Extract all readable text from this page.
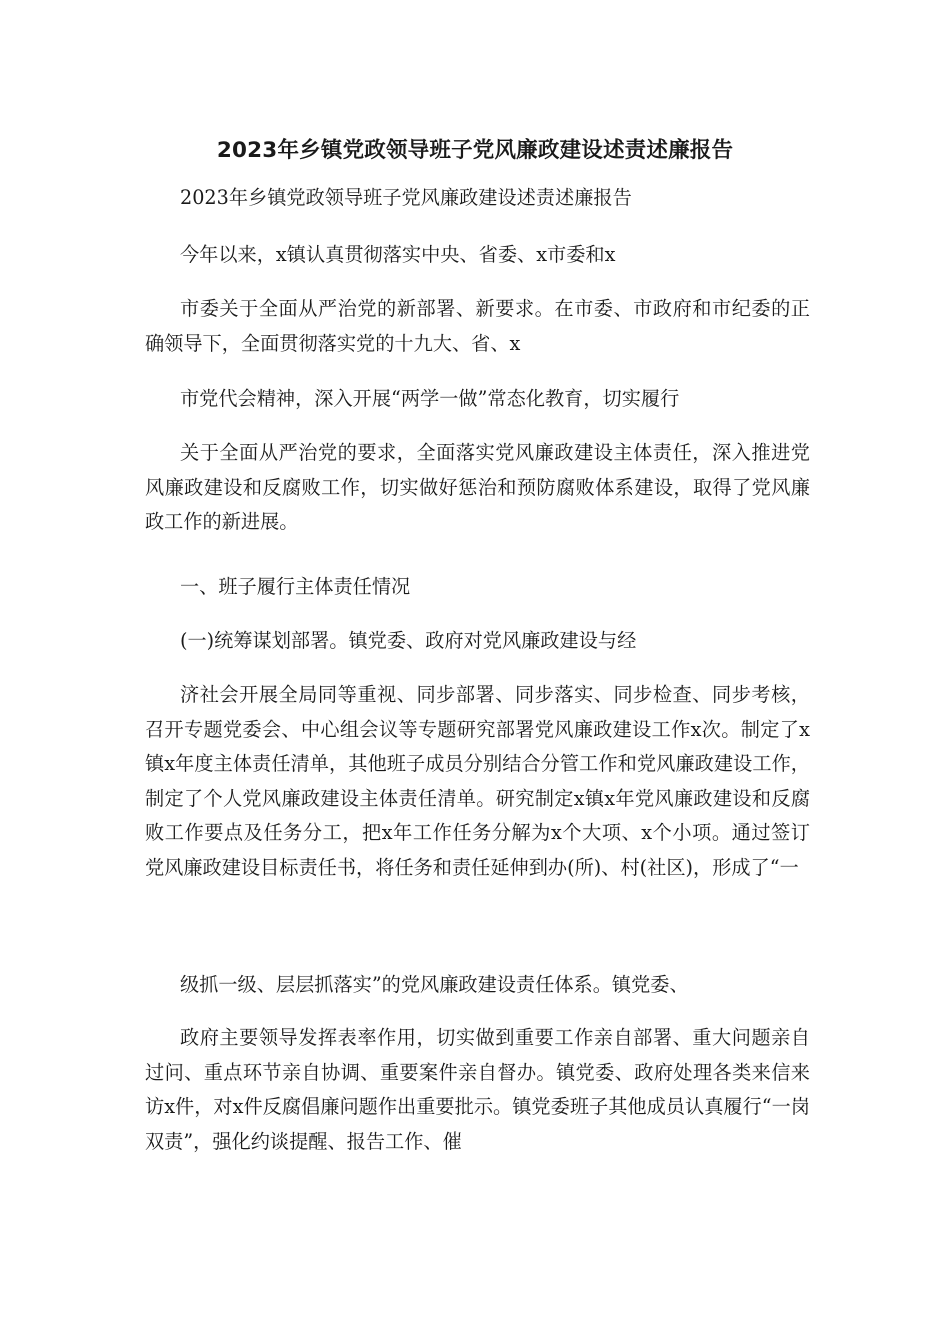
2023年乡镇党政领导班子党风廉政建设述责述廉报告

2023年乡镇党政领导班子党风廉政建设述责述廉报告

今年以来，x镇认真贯彻落实中央、省委、x市委和x

市委关于全面从严治党的新部署、新要求。在市委、市政府和市纪委的正确领导下，全面贯彻落实党的十九大、省、x

市党代会精神，深入开展“两学一做”常态化教育，切实履行

关于全面从严治党的要求，全面落实党风廉政建设主体责任，深入推进党风廉政建设和反腐败工作，切实做好惩治和预防腐败体系建设，取得了党风廉政工作的新进展。

一、班子履行主体责任情况

(一)统筹谋划部署。镇党委、政府对党风廉政建设与经

济社会开展全局同等重视、同步部署、同步落实、同步检查、同步考核，召开专题党委会、中心组会议等专题研究部署党风廉政建设工作x次。制定了x镇x年度主体责任清单，其他班子成员分别结合分管工作和党风廉政建设工作，制定了个人党风廉政建设主体责任清单。研究制定x镇x年党风廉政建设和反腐败工作要点及任务分工，把x年工作任务分解为x个大项、x个小项。通过签订党风廉政建设目标责任书，将任务和责任延伸到办(所)、村(社区)，形成了“一

级抓一级、层层抓落实”的党风廉政建设责任体系。镇党委、

政府主要领导发挥表率作用，切实做到重要工作亲自部署、重大问题亲自过问、重点环节亲自协调、重要案件亲自督办。镇党委、政府处理各类来信来访x件，对x件反腐倡廉问题作出重要批示。镇党委班子其他成员认真履行“一岗双责”，强化约谈提醒、报告工作、催
